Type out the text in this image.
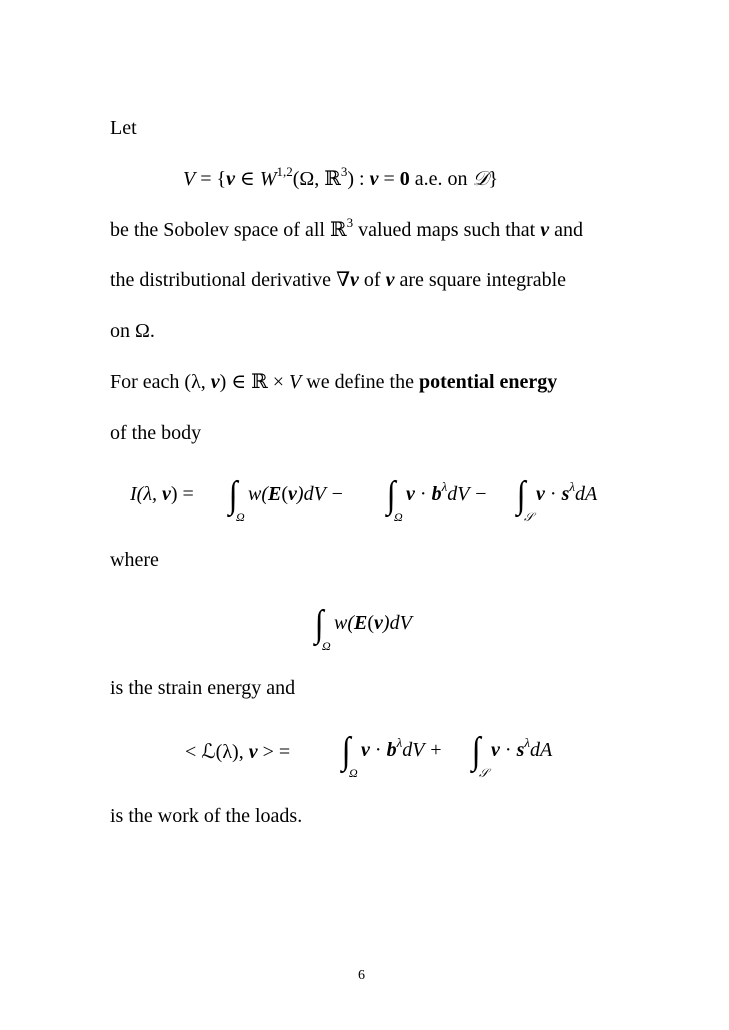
Let
V = {v ∈ W$^{1,2}$(Ω, ℝ$^3$) : v = 0 a.e. on 𝒟}
be the Sobolev space of all ℝ$^3$ valued maps such that v and
the distributional derivative ∇v of v are square integrable
on Ω.
For each (λ, v) ∈ ℝ × V we define the potential energy
of the body
I(λ, v) = ∫
Ω
w(E(v)dV − ∫
Ω
$v \cdot b^\lambda dV$ − ∫
𝒮
$v \cdot s^\lambda dA$
where
∫
Ω
w(E(v)dV
is the strain energy and
< ℒ(λ), v > = ∫
Ω
$v \cdot b^\lambda dV$ + ∫
𝒮
$v \cdot s^\lambda dA$
is the work of the loads.
6
